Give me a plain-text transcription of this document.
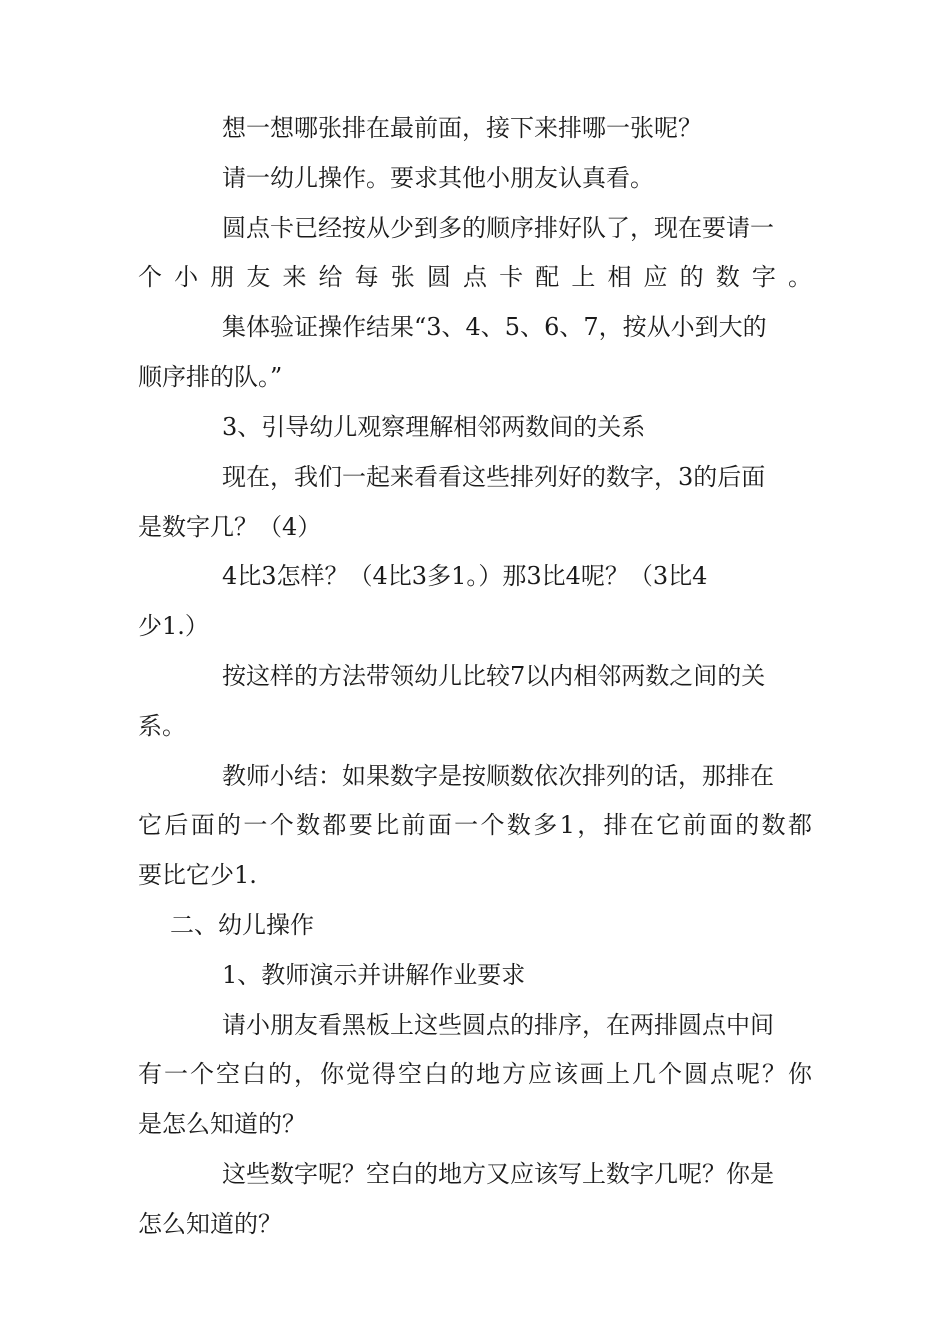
想一想哪张排在最前面，接下来排哪一张呢？

请一幼儿操作。要求其他小朋友认真看。

圆点卡已经按从少到多的顺序排好队了，现在要请一

个小朋友来给每张圆点卡配上相应的数字。

集体验证操作结果“3、4、5、6、7，按从小到大的

顺序排的队。”

3、引导幼儿观察理解相邻两数间的关系

现在，我们一起来看看这些排列好的数字，3的后面

是数字几？（4）

4比3怎样？（4比3多1。）那3比4呢？（3比4

少1.）

按这样的方法带领幼儿比较7以内相邻两数之间的关

系。

教师小结：如果数字是按顺数依次排列的话，那排在

它后面的一个数都要比前面一个数多1，排在它前面的数都

要比它少1.

二、幼儿操作

1、教师演示并讲解作业要求

请小朋友看黑板上这些圆点的排序，在两排圆点中间

有一个空白的，你觉得空白的地方应该画上几个圆点呢？你

是怎么知道的？

这些数字呢？空白的地方又应该写上数字几呢？你是

怎么知道的？
